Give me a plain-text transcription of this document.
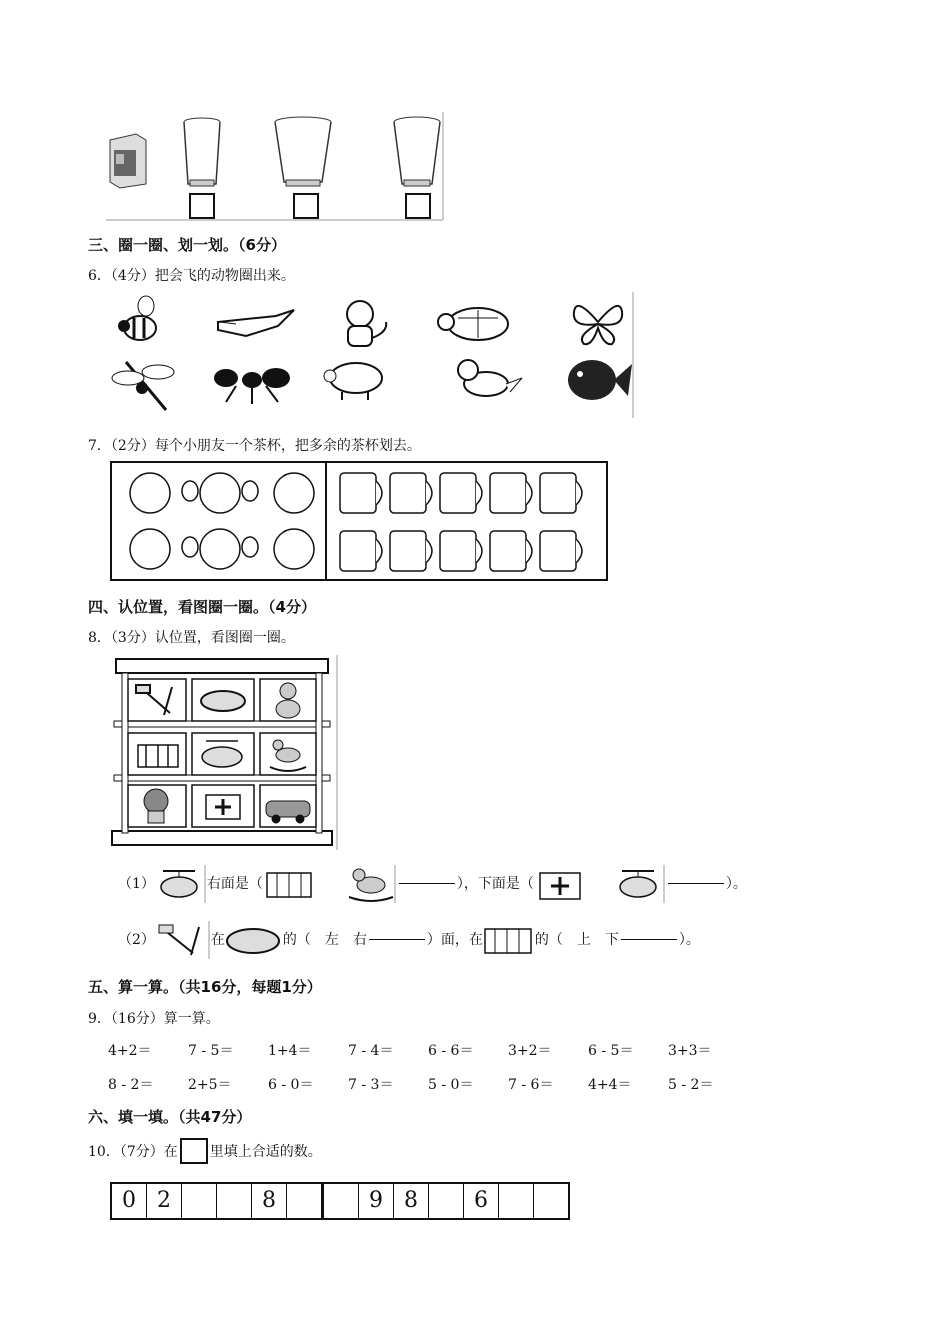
三、圈一圈、划一划。（6分）
6．（4分）把会飞的动物圈出来。
7．（2分）每个小朋友一个茶杯，把多余的茶杯划去。
四、认位置，看图圈一圈。（4分）
8．（3分）认位置，看图圈一圈。
（1）	右面是（	），下面是（	）。
（2）	在	的（　左　右	）面，在	的（　上　下	）。
五、算一算。（共16分，每题1分）
9．（16分）算一算。
4+2＝	7 - 5＝ 1+4＝	7 - 4＝ 6 - 6＝ 3+2＝	6 - 5＝ 3+3＝
8 - 2＝ 2+5＝	6 - 0＝ 7 - 3＝ 5 - 0＝ 7 - 6＝ 4+4＝	5 - 2＝
六、填一填。（共47分）
10．（7分）在 里填上合适的数。
0 2	8	9 8	6
